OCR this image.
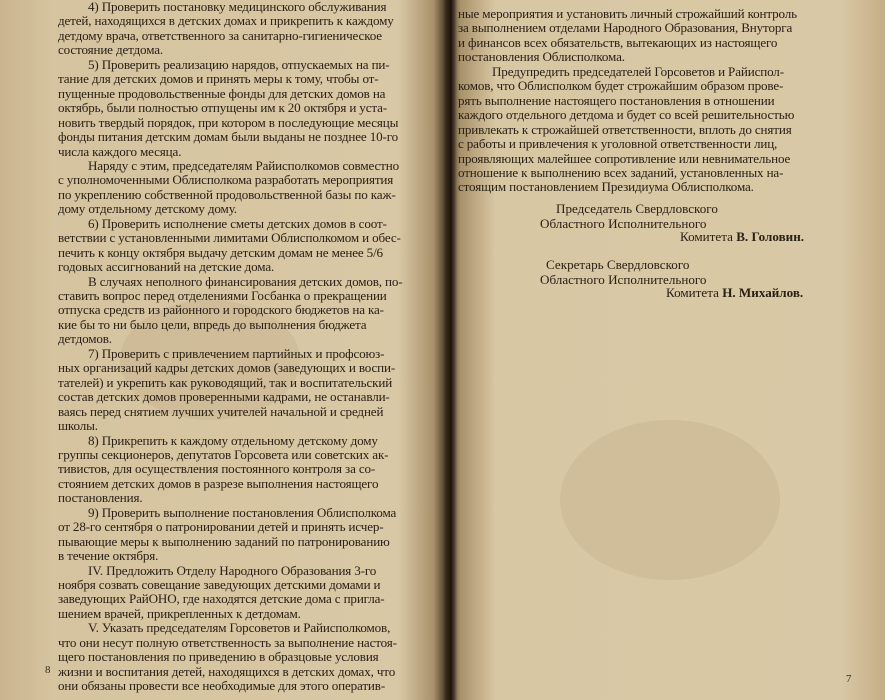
4) Проверить постановку медицинского обслуживания
детей, находящихся в детских домах и прикрепить к каждому
детдому врача, ответственного за санитарно-гигиеническое
состояние детдома.
5) Проверить реализацию нарядов, отпускаемых на пи-
тание для детских домов и принять меры к тому, чтобы от-
пущенные продовольственные фонды для детских домов на
октябрь, были полностью отпущены им к 20 октября и уста-
новить твердый порядок, при котором в последующие месяцы
фонды питания детским домам были выданы не позднее 10-го
числа каждого месяца.
Наряду с этим, председателям Райисполкомов совместно
с уполномоченными Облисполкома разработать мероприятия
по укреплению собственной продовольственной базы по каж-
дому отдельному детскому дому.
6) Проверить исполнение сметы детских домов в соот-
ветствии с установленными лимитами Облисполкомом и обес-
печить к концу октября выдачу детским домам не менее 5/6
годовых ассигнований на детские дома.
В случаях неполного финансирования детских домов, по-
ставить вопрос перед отделениями Госбанка о прекращении
отпуска средств из районного и городского бюджетов на ка-
кие бы то ни было цели, впредь до выполнения бюджета
детдомов.
7) Проверить с привлечением партийных и профсоюз-
ных организаций кадры детских домов (заведующих и воспи-
тателей) и укрепить как руководящий, так и воспитательский
состав детских домов проверенными кадрами, не останавли-
ваясь перед снятием лучших учителей начальной и средней
школы.
8) Прикрепить к каждому отдельному детскому дому
группы секционеров, депутатов Горсовета или советских ак-
тивистов, для осуществления постоянного контроля за со-
стоянием детских домов в разрезе выполнения настоящего
постановления.
9) Проверить выполнение постановления Облисполкома
от 28-го сентября о патронировании детей и принять исчер-
пывающие меры к выполнению заданий по патронированию
в течение октября.
IV. Предложить Отделу Народного Образования 3-го
ноября созвать совещание заведующих детскими домами и
заведующих РайОНО, где находятся детские дома с пригла-
шением врачей, прикрепленных к детдомам.
V. Указать председателям Горсоветов и Райисполкомов,
что они несут полную ответственность за выполнение настоя-
щего постановления по приведению в образцовые условия
жизни и воспитания детей, находящихся в детских домах, что
они обязаны провести все необходимые для этого оператив-
Председатель Свердловского
Областного Исполнительного
Комитета В. Головин.
Секретарь Свердловского
Областного Исполнительного
Комитета Н. Михайлов.
7
ные мероприятия и установить личный строжайший контроль
за выполнением отделами Народного Образования, Внуторга
и финансов всех обязательств, вытекающих из настоящего
постановления Облисполкома.
Предупредить председателей Горсоветов и Райиспол-
комов, что Облисполком будет строжайшим образом прове-
рять выполнение настоящего постановления в отношении
каждого отдельного детдома и будет со всей решительностью
привлекать к строжайшей ответственности, вплоть до снятия
с работы и привлечения к уголовной ответственности лиц,
проявляющих малейшее сопротивление или невнимательное
отношение к выполнению всех заданий, установленных на-
стоящим постановлением Президиума Облисполкома.
8
